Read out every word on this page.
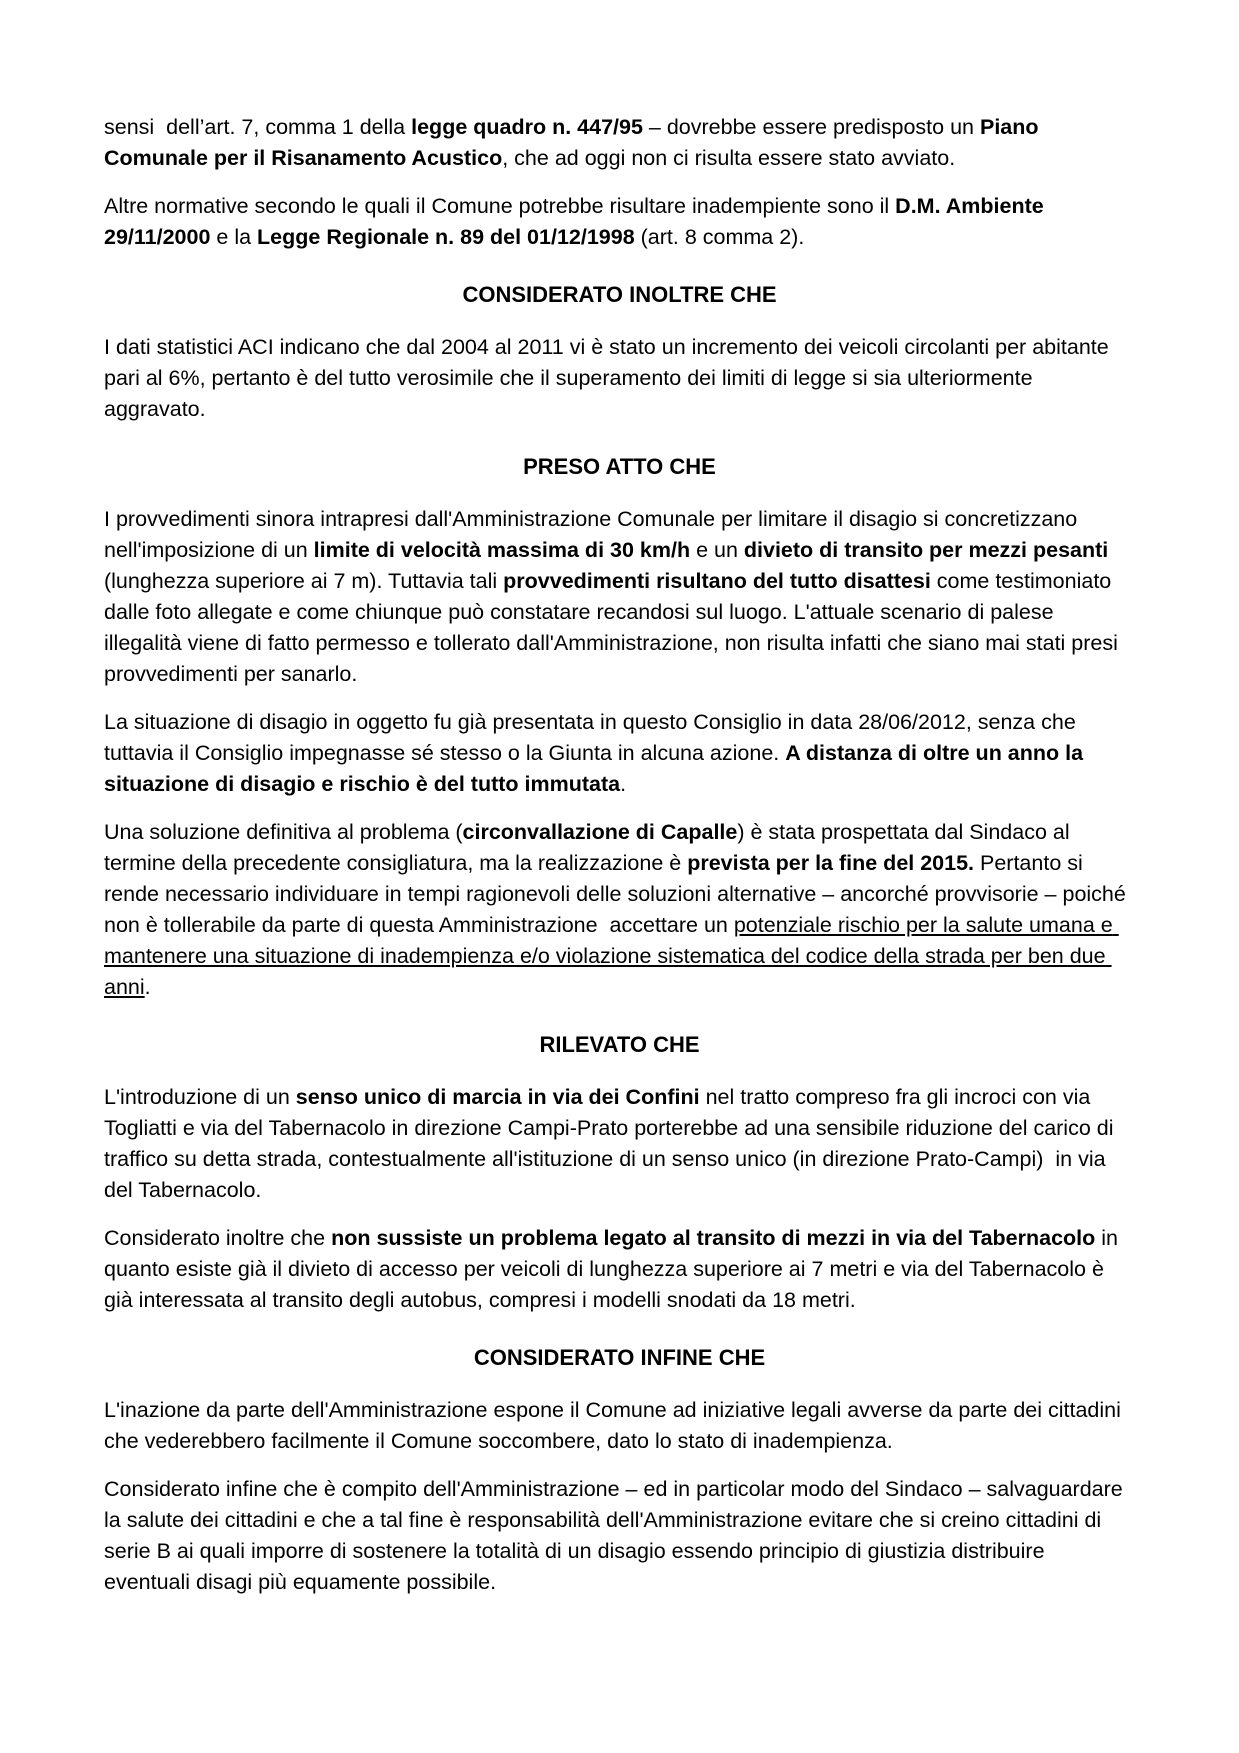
sensi  dell’art. 7, comma 1 della legge quadro n. 447/95 – dovrebbe essere predisposto un Piano Comunale per il Risanamento Acustico, che ad oggi non ci risulta essere stato avviato.

Altre normative secondo le quali il Comune potrebbe risultare inadempiente sono il D.M. Ambiente 29/11/2000 e la Legge Regionale n. 89 del 01/12/1998 (art. 8 comma 2).

CONSIDERATO INOLTRE CHE

I dati statistici ACI indicano che dal 2004 al 2011 vi è stato un incremento dei veicoli circolanti per abitante pari al 6%, pertanto è del tutto verosimile che il superamento dei limiti di legge si sia ulteriormente aggravato.

PRESO ATTO CHE

I provvedimenti sinora intrapresi dall'Amministrazione Comunale per limitare il disagio si concretizzano nell'imposizione di un limite di velocità massima di 30 km/h e un divieto di transito per mezzi pesanti (lunghezza superiore ai 7 m). Tuttavia tali provvedimenti risultano del tutto disattesi come testimoniato dalle foto allegate e come chiunque può constatare recandosi sul luogo. L'attuale scenario di palese illegalità viene di fatto permesso e tollerato dall'Amministrazione, non risulta infatti che siano mai stati presi provvedimenti per sanarlo.

La situazione di disagio in oggetto fu già presentata in questo Consiglio in data 28/06/2012, senza che tuttavia il Consiglio impegnasse sé stesso o la Giunta in alcuna azione. A distanza di oltre un anno la situazione di disagio e rischio è del tutto immutata.

Una soluzione definitiva al problema (circonvallazione di Capalle) è stata prospettata dal Sindaco al termine della precedente consigliatura, ma la realizzazione è prevista per la fine del 2015. Pertanto si rende necessario individuare in tempi ragionevoli delle soluzioni alternative – ancorché provvisorie – poiché non è tollerabile da parte di questa Amministrazione  accettare un potenziale rischio per la salute umana e mantenere una situazione di inadempienza e/o violazione sistematica del codice della strada per ben due anni.

RILEVATO CHE

L'introduzione di un senso unico di marcia in via dei Confini nel tratto compreso fra gli incroci con via Togliatti e via del Tabernacolo in direzione Campi-Prato porterebbe ad una sensibile riduzione del carico di traffico su detta strada, contestualmente all'istituzione di un senso unico (in direzione Prato-Campi)  in via del Tabernacolo.

Considerato inoltre che non sussiste un problema legato al transito di mezzi in via del Tabernacolo in quanto esiste già il divieto di accesso per veicoli di lunghezza superiore ai 7 metri e via del Tabernacolo è già interessata al transito degli autobus, compresi i modelli snodati da 18 metri.

CONSIDERATO INFINE CHE

L'inazione da parte dell'Amministrazione espone il Comune ad iniziative legali avverse da parte dei cittadini che vederebbero facilmente il Comune soccombere, dato lo stato di inadempienza.

Considerato infine che è compito dell'Amministrazione – ed in particolar modo del Sindaco – salvaguardare la salute dei cittadini e che a tal fine è responsabilità dell'Amministrazione evitare che si creino cittadini di serie B ai quali imporre di sostenere la totalità di un disagio essendo principio di giustizia distribuire eventuali disagi più equamente possibile.
